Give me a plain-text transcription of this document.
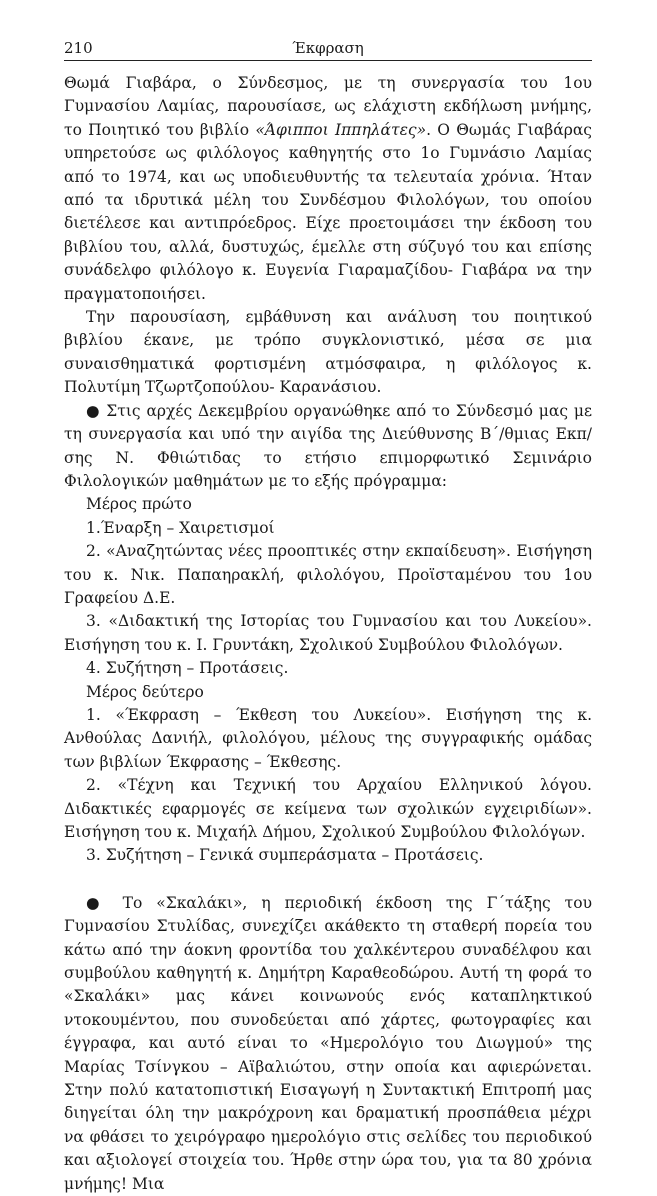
210	Έκφραση

Θωμά Γιαβάρα, ο Σύνδεσμος, με τη συνεργασία του 1ου Γυμνασίου Λαμίας, παρουσίασε, ως ελάχιστη εκδήλωση μνήμης, το Ποιητικό του βιβλίο «Άφιπποι Ιππηλάτες». Ο Θωμάς Γιαβάρας υπηρετούσε ως φιλόλογος καθηγητής στο 1ο Γυμνάσιο Λαμίας από το 1974, και ως υποδιευθυντής τα τελευταία χρόνια. Ήταν από τα ιδρυτικά μέλη του Συνδέσμου Φιλολόγων, του οποίου διετέλεσε και αντιπρόεδρος. Είχε προετοιμάσει την έκδοση του βιβλίου του, αλλά, δυστυχώς, έμελλε στη σύζυγό του και επίσης συνάδελφο φιλόλογο κ. Ευγενία Γιαραμαζίδου- Γιαβάρα να την πραγματοποιήσει.

Την παρουσίαση, εμβάθυνση και ανάλυση του ποιητικού βιβλίου έκανε, με τρόπο συγκλονιστικό, μέσα σε μια συναισθηματικά φορτισμένη ατμόσφαιρα, η φιλόλογος κ. Πολυτίμη Τζωρτζοπούλου- Καρανάσιου.

● Στις αρχές Δεκεμβρίου οργανώθηκε από το Σύνδεσμό μας με τη συνεργασία και υπό την αιγίδα της Διεύθυνσης Β΄/θμιας Εκπ/σης Ν. Φθιώτιδας το ετήσιο επιμορφωτικό Σεμινάριο Φιλολογικών μαθημάτων με το εξής πρόγραμμα:

Μέρος πρώτο

1.Έναρξη – Χαιρετισμοί

2. «Αναζητώντας νέες προοπτικές στην εκπαίδευση». Εισήγηση του κ. Νικ. Παπαηρακλή, φιλολόγου, Προϊσταμένου του 1ου Γραφείου Δ.Ε.

3. «Διδακτική της Ιστορίας του Γυμνασίου και του Λυκείου». Εισήγηση του κ. Ι. Γρυντάκη, Σχολικού Συμβούλου Φιλολόγων.

4. Συζήτηση – Προτάσεις.

Μέρος δεύτερο

1. «Έκφραση – Έκθεση του Λυκείου». Εισήγηση της κ. Ανθούλας Δανιήλ, φιλολόγου, μέλους της συγγραφικής ομάδας των βιβλίων Έκφρασης – Έκθεσης.

2. «Τέχνη και Τεχνική του Αρχαίου Ελληνικού λόγου. Διδακτικές εφαρμογές σε κείμενα των σχολικών εγχειριδίων». Εισήγηση του κ. Μιχαήλ Δήμου, Σχολικού Συμβούλου Φιλολόγων.

3. Συζήτηση – Γενικά συμπεράσματα – Προτάσεις.

● Το «Σκαλάκι», η περιοδική έκδοση της Γ΄τάξης του Γυμνασίου Στυλίδας, συνεχίζει ακάθεκτο τη σταθερή πορεία του κάτω από την άοκνη φροντίδα του χαλκέντερου συναδέλφου και συμβούλου καθηγητή κ. Δημήτρη Καραθεοδώρου. Αυτή τη φορά το «Σκαλάκι» μας κάνει κοινωνούς ενός καταπληκτικού ντοκουμέντου, που συνοδεύεται από χάρτες, φωτογραφίες και έγγραφα, και αυτό είναι το «Ημερολόγιο του Διωγμού» της Μαρίας Τσίνγκου – Αϊβαλιώτου, στην οποία και αφιερώνεται. Στην πολύ κατατοπιστική Εισαγωγή η Συντακτική Επιτροπή μας διηγείται όλη την μακρόχρονη και δραματική προσπάθεια μέχρι να φθάσει το χειρόγραφο ημερολόγιο στις σελίδες του περιοδικού και αξιολογεί στοιχεία του. Ήρθε στην ώρα του, για τα 80 χρόνια μνήμης! Μια
